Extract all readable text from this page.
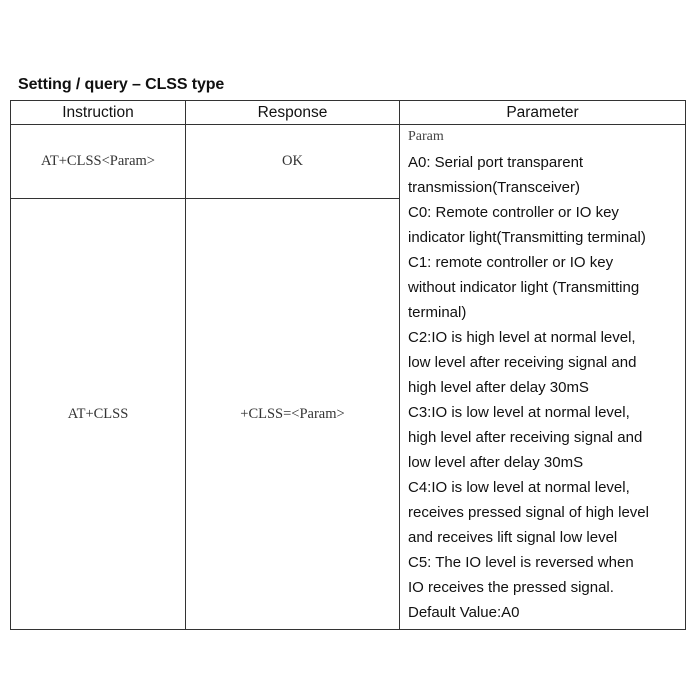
Setting / query – CLSS type
Instruction	Response	Parameter
AT+CLSS<Param>	OK	
Param
A0: Serial port transparent
transmission(Transceiver)
C0: Remote controller or IO key
indicator light(Transmitting terminal)
C1: remote controller or IO key
without indicator light (Transmitting
terminal)
C2:IO is high level at normal level,
low level after receiving signal and
high level after delay 30mS
C3:IO is low level at normal level,
high level after receiving signal and
low level after delay 30mS
C4:IO is low level at normal level,
receives pressed signal of high level
and receives lift signal low level
C5: The IO level is reversed when
IO receives the pressed signal.
Default Value:A0

AT+CLSS	+CLSS=<Param>	
